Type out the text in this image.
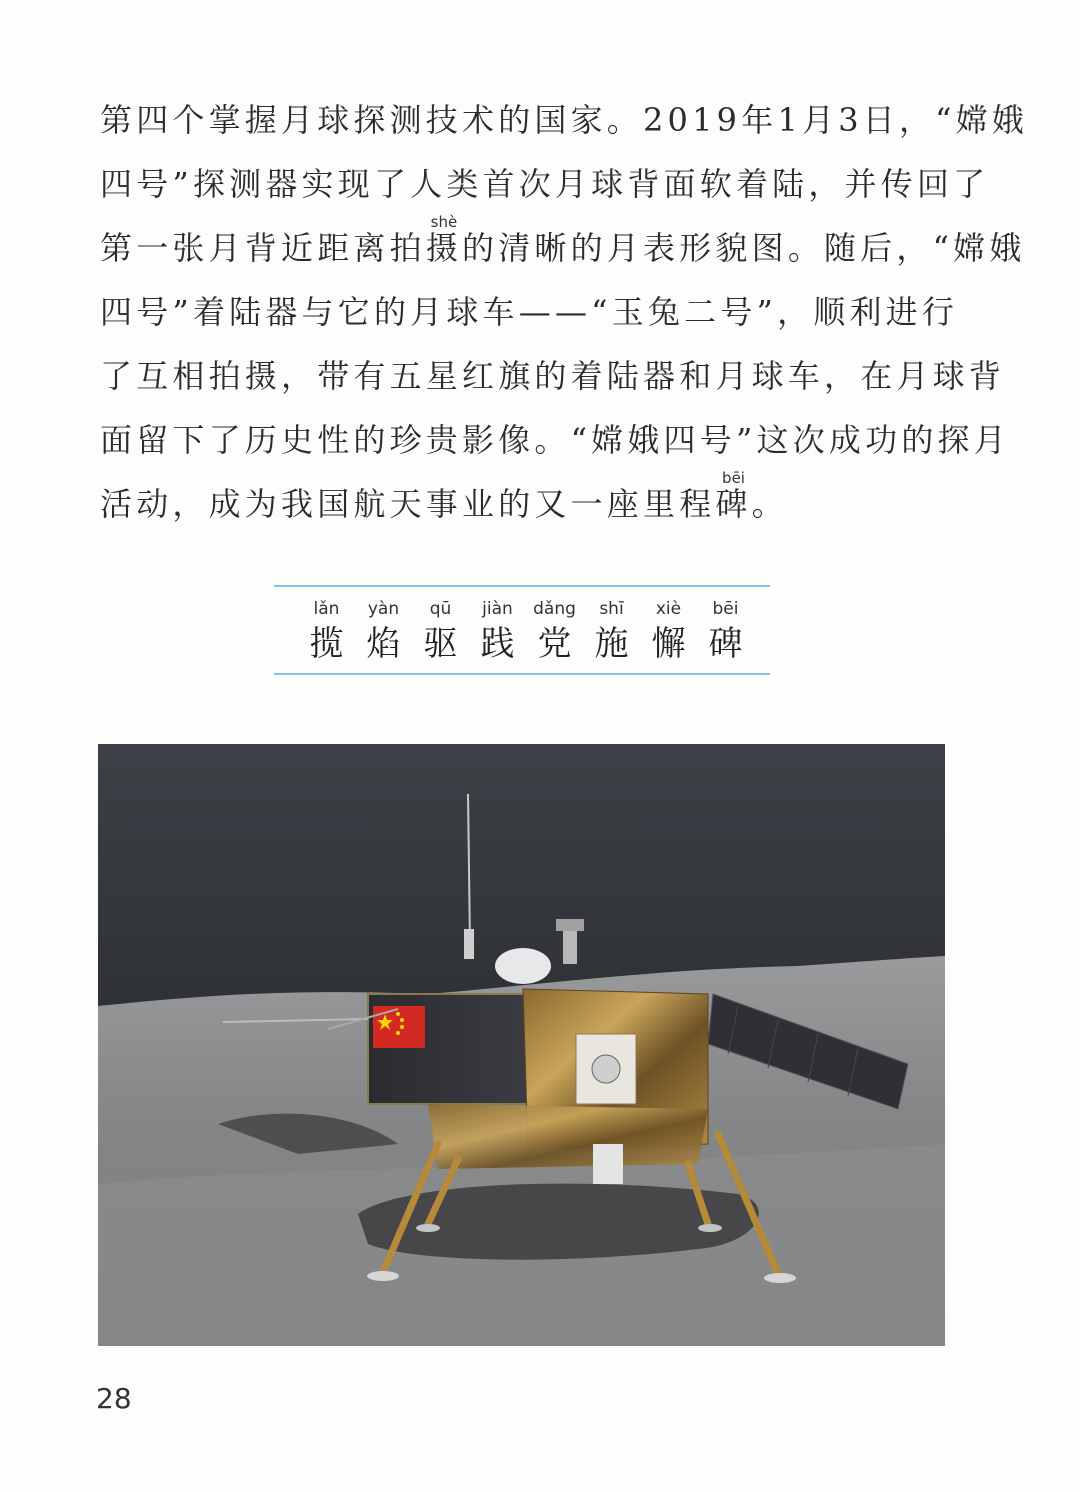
第四个掌握月球探测技术的国家。2019年1月3日，“嫦娥
四号”探测器实现了人类首次月球背面软着陆，并传回了
第一张月背近距离拍
shè
摄的清晰的月表形貌图。随后，“嫦娥
四号”着陆器与它的月球车——“玉兔二号”，顺利进行
了互相拍摄，带有五星红旗的着陆器和月球车，在月球背
面留下了历史性的珍贵影像。“嫦娥四号”这次成功的探月
活动，成为我国航天事业的又一座里程
bēi
碑。
lǎn
揽
yàn
焰
qū
驱
jiàn
践
dǎng
党
shī
施
xiè
懈
bēi
碑
28
